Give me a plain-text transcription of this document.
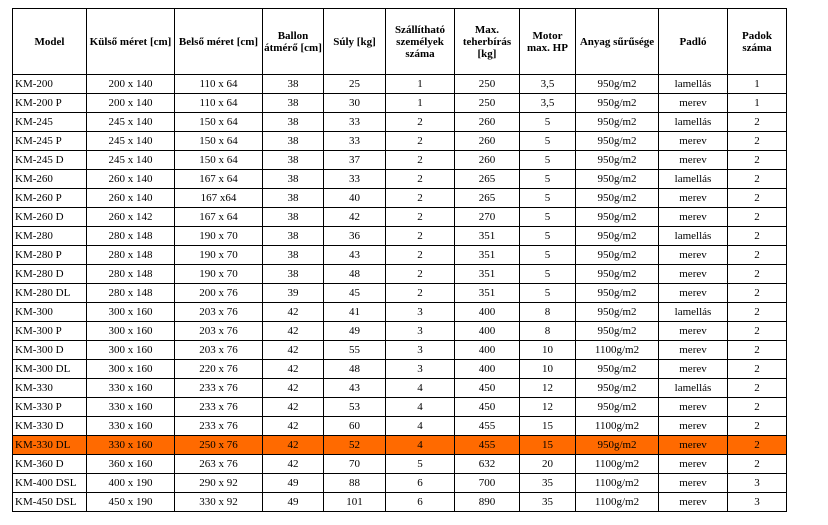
Model	Külső méret [cm]	Belső méret [cm]	Ballon átmérő [cm]	Súly [kg]	Szállítható személyek száma	Max. teherbírás [kg]	Motor max. HP	Anyag sűrűsége	Padló	Padok száma
KM-200	200 x 140	110 x 64	38	25	1	250	3,5	950g/m2	lamellás	1
KM-200 P	200 x 140	110 x 64	38	30	1	250	3,5	950g/m2	merev	1
KM-245	245 x 140	150 x 64	38	33	2	260	5	950g/m2	lamellás	2
KM-245 P	245 x 140	150 x 64	38	33	2	260	5	950g/m2	merev	2
KM-245 D	245 x 140	150 x 64	38	37	2	260	5	950g/m2	merev	2
KM-260	260 x 140	167 x 64	38	33	2	265	5	950g/m2	lamellás	2
KM-260 P	260 x 140	167 x64	38	40	2	265	5	950g/m2	merev	2
KM-260 D	260 x 142	167 x 64	38	42	2	270	5	950g/m2	merev	2
KM-280	280 x 148	190 x 70	38	36	2	351	5	950g/m2	lamellás	2
KM-280 P	280 x 148	190 x 70	38	43	2	351	5	950g/m2	merev	2
KM-280 D	280 x 148	190 x 70	38	48	2	351	5	950g/m2	merev	2
KM-280 DL	280 x 148	200 x 76	39	45	2	351	5	950g/m2	merev	2
KM-300	300 x 160	203 x 76	42	41	3	400	8	950g/m2	lamellás	2
KM-300 P	300 x 160	203 x 76	42	49	3	400	8	950g/m2	merev	2
KM-300 D	300 x 160	203 x 76	42	55	3	400	10	1100g/m2	merev	2
KM-300 DL	300 x 160	220 x 76	42	48	3	400	10	950g/m2	merev	2
KM-330	330 x 160	233 x 76	42	43	4	450	12	950g/m2	lamellás	2
KM-330 P	330 x 160	233 x 76	42	53	4	450	12	950g/m2	merev	2
KM-330 D	330 x 160	233 x 76	42	60	4	455	15	1100g/m2	merev	2
KM-330 DL	330 x 160	250 x 76	42	52	4	455	15	950g/m2	merev	2
KM-360 D	360 x 160	263 x 76	42	70	5	632	20	1100g/m2	merev	2
KM-400 DSL	400 x 190	290 x 92	49	88	6	700	35	1100g/m2	merev	3
KM-450 DSL	450 x 190	330 x 92	49	101	6	890	35	1100g/m2	merev	3
